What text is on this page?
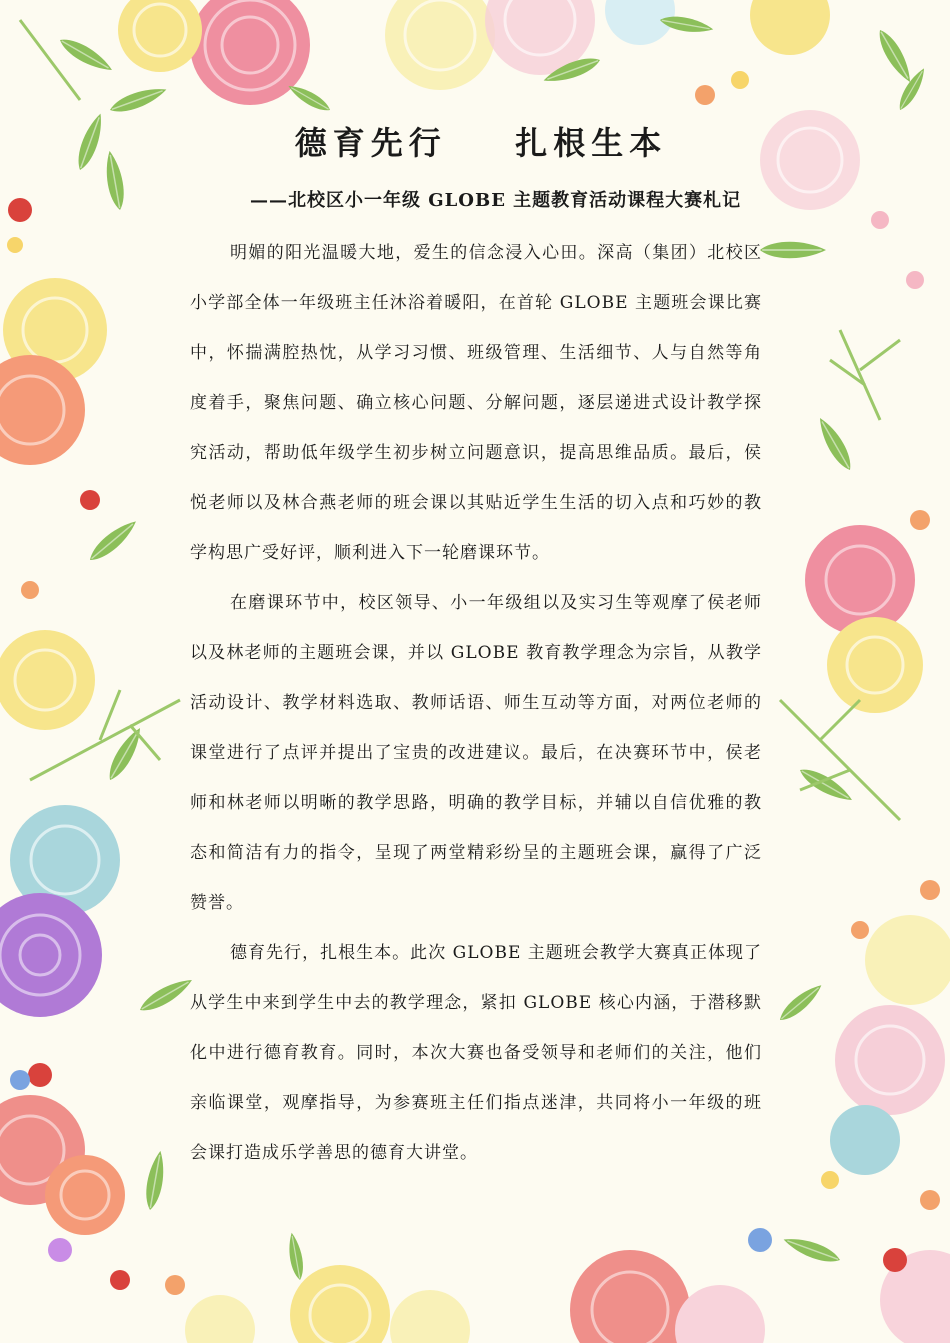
德育先行    扎根生本
——北校区小一年级 GLOBE 主题教育活动课程大赛札记

明媚的阳光温暖大地，爱生的信念浸入心田。深高（集团）北校区小学部全体一年级班主任沐浴着暖阳，在首轮 GLOBE 主题班会课比赛中，怀揣满腔热忱，从学习习惯、班级管理、生活细节、人与自然等角度着手，聚焦问题、确立核心问题、分解问题，逐层递进式设计教学探究活动，帮助低年级学生初步树立问题意识，提高思维品质。最后，侯悦老师以及林合燕老师的班会课以其贴近学生生活的切入点和巧妙的教学构思广受好评，顺利进入下一轮磨课环节。

在磨课环节中，校区领导、小一年级组以及实习生等观摩了侯老师以及林老师的主题班会课，并以 GLOBE 教育教学理念为宗旨，从教学活动设计、教学材料选取、教师话语、师生互动等方面，对两位老师的课堂进行了点评并提出了宝贵的改进建议。最后，在决赛环节中，侯老师和林老师以明晰的教学思路，明确的教学目标，并辅以自信优雅的教态和简洁有力的指令，呈现了两堂精彩纷呈的主题班会课，赢得了广泛赞誉。

德育先行，扎根生本。此次 GLOBE 主题班会教学大赛真正体现了从学生中来到学生中去的教学理念，紧扣 GLOBE 核心内涵，于潜移默化中进行德育教育。同时，本次大赛也备受领导和老师们的关注，他们亲临课堂，观摩指导，为参赛班主任们指点迷津，共同将小一年级的班会课打造成乐学善思的德育大讲堂。
